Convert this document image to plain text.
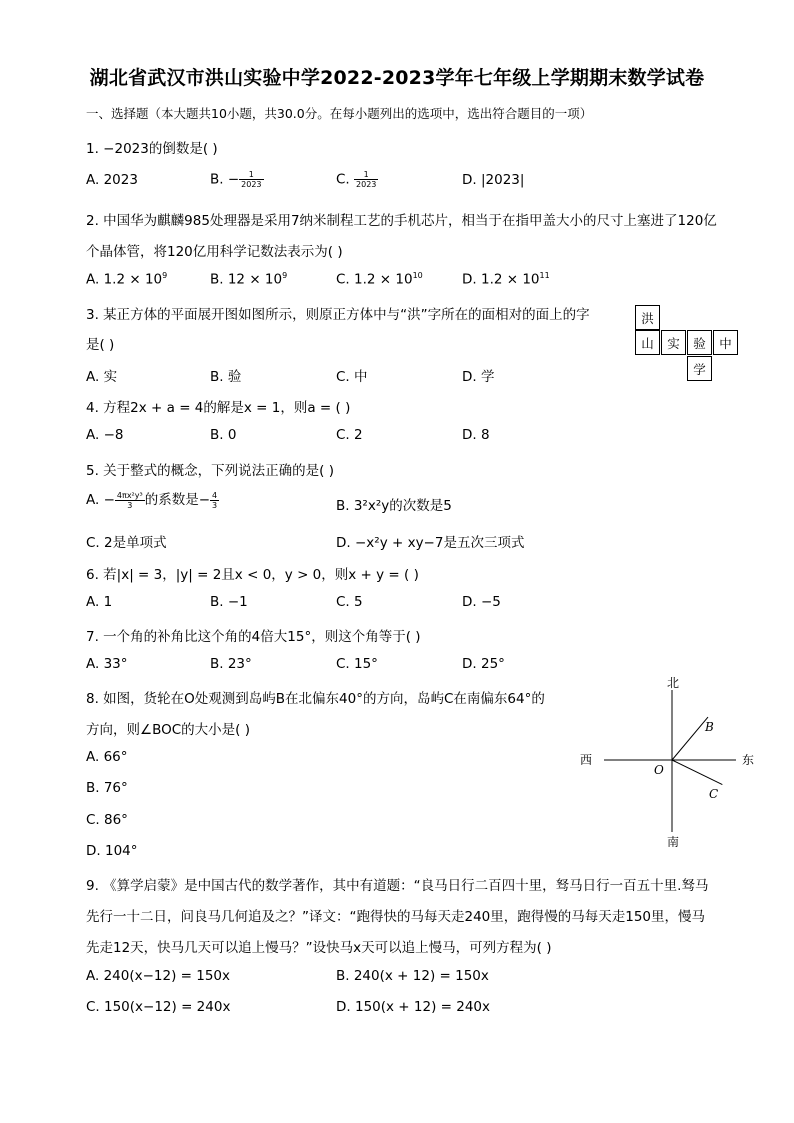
湖北省武汉市洪山实验中学2022-2023学年七年级上学期期末数学试卷
一、选择题（本大题共10小题，共30.0分。在每小题列出的选项中，选出符合题目的一项）
1. −2023的倒数是( )
A. 2023	B. − $\frac{1}{2023}$	C. $\frac{1}{2023}$	D. |2023|
2. 中国华为麒麟985处理器是采用7纳米制程工艺的手机芯片，相当于在指甲盖大小的尺寸上塞进了120亿
个晶体管，将120亿用科学记数法表示为( )
A. $1.2 \times 10^9$	B. $12 \times 10^9$	C. $1.2 \times 10^{10}$	D. $1.2 \times 10^{11}$
3. 某正方体的平面展开图如图所示，则原正方体中与“洪”字所在的面相对的面上的字
是( )
A. 实	B. 验	C. 中	D. 学
洪
山	实	验	中
学
4. 方程2x + a = 4的解是x = 1，则a = ( )
A. −8	B. 0	C. 2	D. 8
5. 关于整式的概念，下列说法正确的是( )
A. − $\frac{\text{4πx²y³}}{3}$ 的系数是− $\frac{4}{3}$	B. 3²x²y的次数是5
C. 2是单项式	D. −x²y + xy−7是五次三项式
6. 若|x| = 3，|y| = 2且x < 0，y > 0，则x + y = ( )
A. 1	B. −1	C. 5	D. −5
7. 一个角的补角比这个角的4倍大15°，则这个角等于( )
A. 33°	B. 23°	C. 15°	D. 25°
8. 如图，货轮在O处观测到岛屿B在北偏东40°的方向，岛屿C在南偏东64°的
方向，则∠BOC的大小是( )
A. 66°
B. 76°
C. 86°
D. 104°
北
南
西	东
O
B
C
9. 《算学启蒙》是中国古代的数学著作，其中有道题：“良马日行二百四十里，驽马日行一百五十里.驽马
先行一十二日，问良马几何追及之？”译文：“跑得快的马每天走240里，跑得慢的马每天走150里，慢马
先走12天，快马几天可以追上慢马？”设快马x天可以追上慢马，可列方程为( )
A. 240(x−12) = 150x	B. 240(x + 12) = 150x
C. 150(x−12) = 240x	D. 150(x + 12) = 240x
